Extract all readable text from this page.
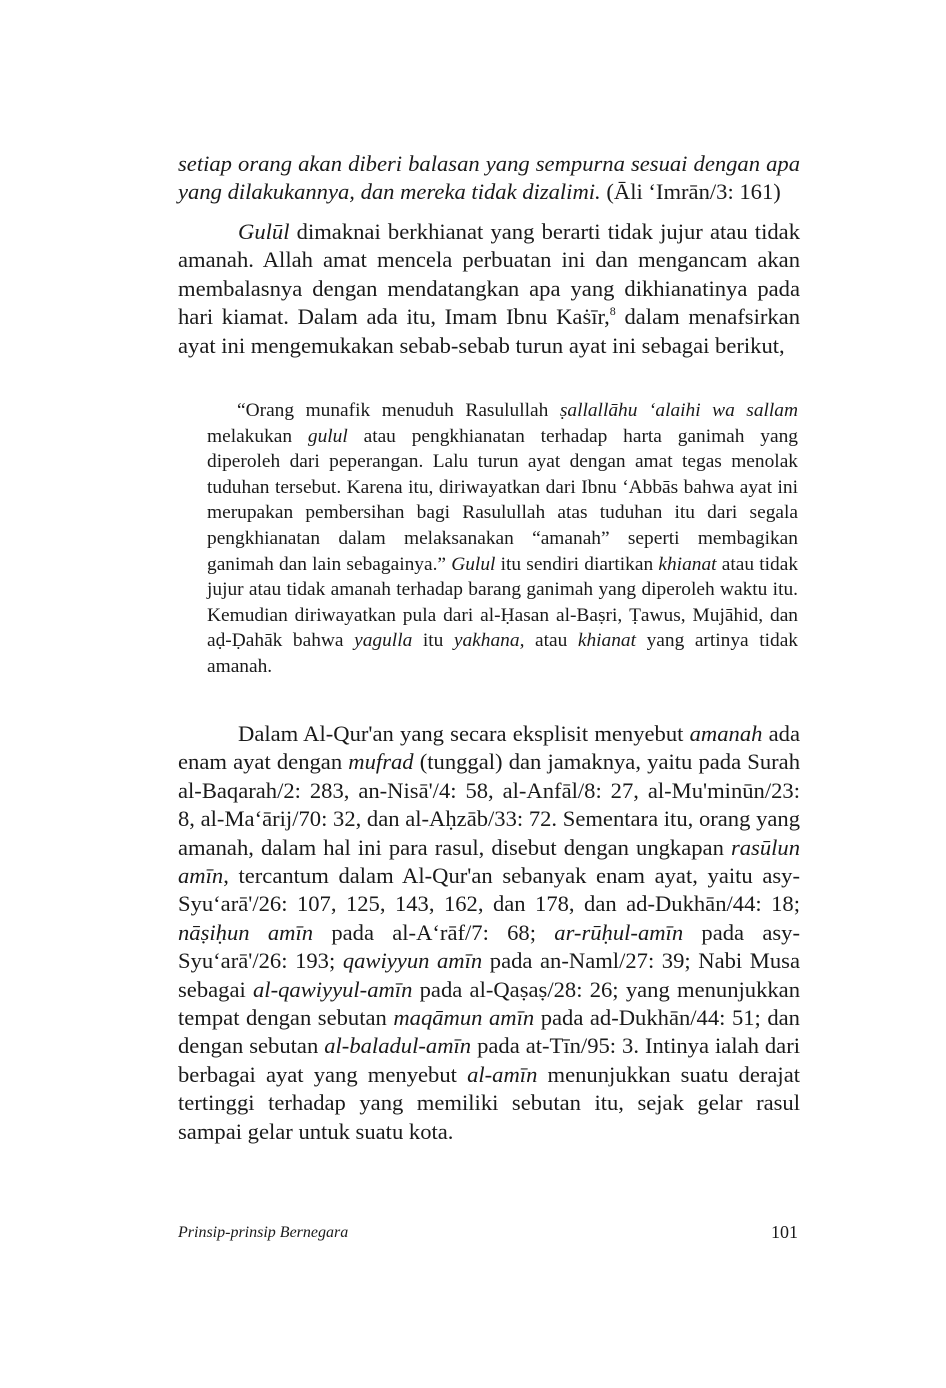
setiap orang akan diberi balasan yang sempurna sesuai dengan apa yang dilakukannya, dan mereka tidak dizalimi. (Āli ‘Imrān/3: 161)

Gulūl dimaknai berkhianat yang berarti tidak jujur atau tidak amanah. Allah amat mencela perbuatan ini dan mengancam akan membalasnya dengan mendatangkan apa yang dikhianatinya pada hari kiamat. Dalam ada itu, Imam Ibnu Kaṡīr,$^8$ dalam menafsirkan ayat ini mengemukakan sebab-sebab turun ayat ini sebagai berikut,

“Orang munafik menuduh Rasulullah ṣallallāhu ‘alaihi wa sallam melakukan gulul atau pengkhianatan terhadap harta ganimah yang diperoleh dari peperangan. Lalu turun ayat dengan amat tegas menolak tuduhan tersebut. Karena itu, diriwayatkan dari Ibnu ‘Abbās bahwa ayat ini merupakan pembersihan bagi Rasulullah atas tuduhan itu dari segala pengkhianatan dalam melaksanakan “amanah” seperti membagikan ganimah dan lain sebagainya.” Gulul itu sendiri diartikan khianat atau tidak jujur atau tidak amanah terhadap barang ganimah yang diperoleh waktu itu. Kemudian diriwayatkan pula dari al-Ḥasan al-Baṣri, Ṭawus, Mujāhid, dan aḍ-Ḍahāk bahwa yagulla itu yakhana, atau khianat yang artinya tidak amanah.

Dalam Al-Qur'an yang secara eksplisit menyebut amanah ada enam ayat dengan mufrad (tunggal) dan jamaknya, yaitu pada Surah al-Baqarah/2: 283, an-Nisā'/4: 58, al-Anfāl/8: 27, al-Mu'minūn/23: 8, al-Ma‘ārij/70: 32, dan al-Aḥzāb/33: 72. Sementara itu, orang yang amanah, dalam hal ini para rasul, disebut dengan ungkapan rasūlun amīn, tercantum dalam Al-Qur'an sebanyak enam ayat, yaitu asy-Syu‘arā'/26: 107, 125, 143, 162, dan 178, dan ad-Dukhān/44: 18; nāṣiḥun amīn pada al-A‘rāf/7: 68; ar-rūḥul-amīn pada asy-Syu‘arā'/26: 193; qawiyyun amīn pada an-Naml/27: 39; Nabi Musa sebagai al-qawiyyul-amīn pada al-Qaṣaṣ/28: 26; yang menunjukkan tempat dengan sebutan maqāmun amīn pada ad-Dukhān/44: 51; dan dengan sebutan al-baladul-amīn pada at-Tīn/95: 3. Intinya ialah dari berbagai ayat yang menyebut al-amīn menunjukkan suatu derajat tertinggi terhadap yang memiliki sebutan itu, sejak gelar rasul sampai gelar untuk suatu kota.

Prinsip-prinsip Bernegara	101
